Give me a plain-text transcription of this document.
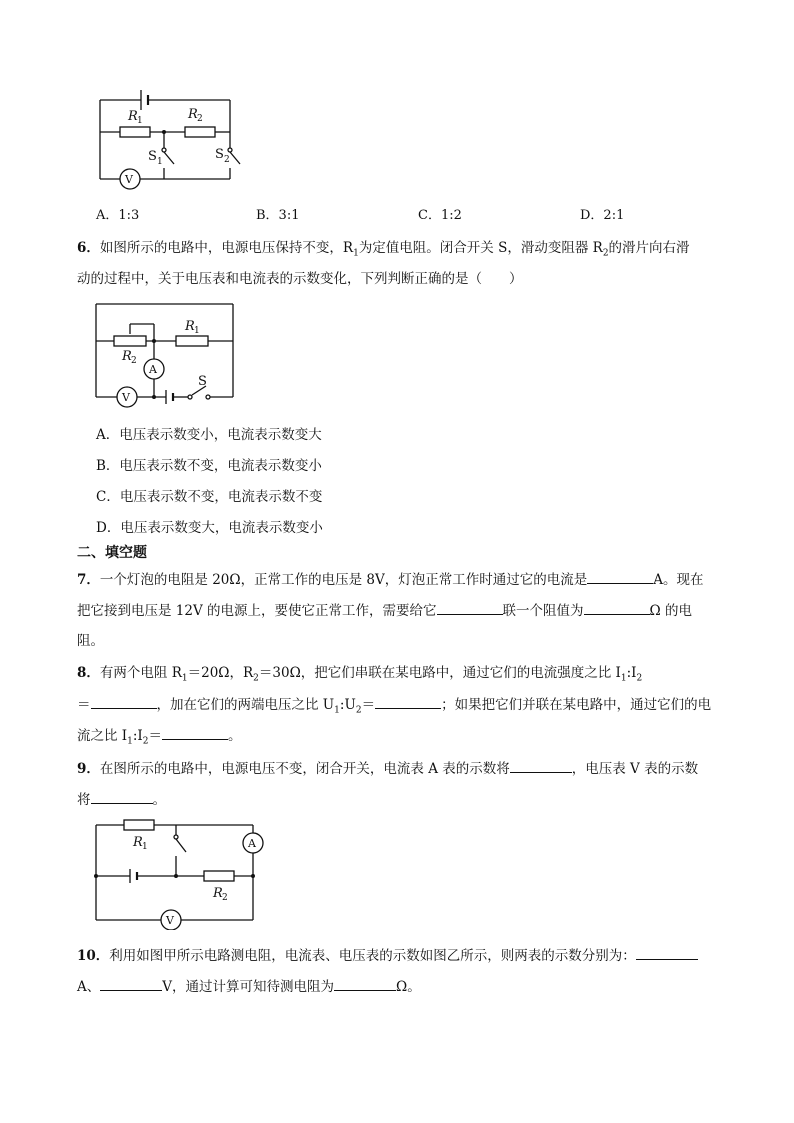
R 1	R 2
S 1	S 2
V
A．1:3	B．3:1	C．1:2	D．2:1
6．如图所示的电路中，电源电压保持不变，$R_1$为定值电阻。闭合开关 S，滑动变阻器 $R_2$的滑片向右滑
动的过程中，关于电压表和电流表的示数变化，下列判断正确的是（　　）
R 1
R 2
A
V
S
A．电压表示数变小，电流表示数变大
B．电压表示数不变，电流表示数变小
C．电压表示数不变，电流表示数不变
D．电压表示数变大，电流表示数变小
二、填空题
7．一个灯泡的电阻是 20Ω，正常工作的电压是 8V，灯泡正常工作时通过它的电流是	A。现在
把它接到电压是 12V 的电源上，要使它正常工作，需要给它	联一个阻值为	Ω 的电
阻。
8．有两个电阻 $R_1=20\Omega$，$R_2=30\Omega$，把它们串联在某电路中，通过它们的电流强度之比 $I_1:I_2$
＝	，加在它们的两端电压之比 $U_1:U_2=$	；如果把它们并联在某电路中，通过它们的电
流之比 $I_1:I_2=$	。
9．在图所示的电路中，电源电压不变，闭合开关，电流表 A 表的示数将	，电压表 V 表的示数
将	。
R 1
R 2
A
V
10．利用如图甲所示电路测电阻，电流表、电压表的示数如图乙所示，则两表的示数分别为：
A、	V，通过计算可知待测电阻为	Ω。
